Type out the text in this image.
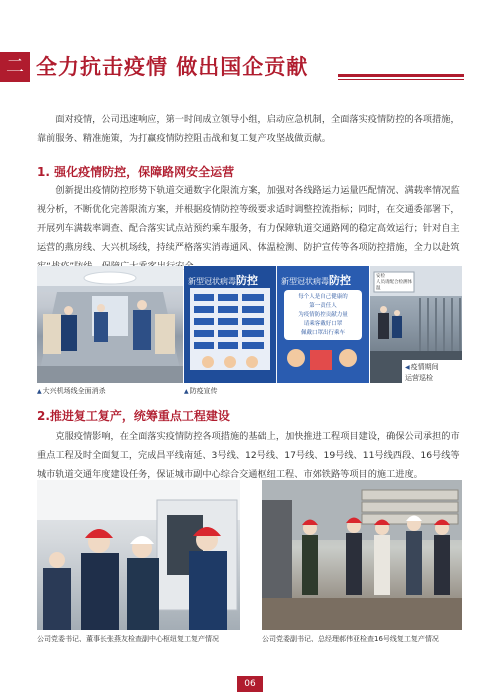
二 全力抗击疫情 做出国企贡献

面对疫情，公司迅速响应，第一时间成立领导小组，启动应急机制，全面落实疫情防控的各项措施，靠前服务、精准施策，为打赢疫情防控阻击战和复工复产攻坚战做贡献。

1. 强化疫情防控，保障路网安全运营

创新提出疫情防控形势下轨道交通数字化限流方案，加强对各线路运力运量匹配情况、满载率情况监视分析，不断优化完善限流方案，并根据疫情防控等级要求适时调整控流指标；同时，在交通委部署下，开展列车满载率调查、配合落实试点站预约乘车服务，有力保障轨道交通路网的稳定高效运行；针对自主运营的燕房线、大兴机场线，持续严格落实消毒通风、体温检测、防护宣传等各项防控措施，全力以赴筑

新型冠状病毒防控	新型冠状病毒防控
每个人是自己健康的
第一责任人
为疫情防控贡献力量
请乘客戴好口罩
佩戴口罩出行乘车
安检
人员请配合检测体温
▲大兴机场线全面消杀	▲防疫宣传
◀疫情期间
运营巡检
2.推进复工复产，统筹重点工程建设

克服疫情影响，在全面落实疫情防控各项措施的基础上，加快推进工程项目建设，确保公司承担的市重点工程及时全面复工，完成昌平线南延、3号线、12号线、17号线、19号线、11号线西段、16号线等城市轨道交通年度建设任务，保证城市副中心综合交通枢纽工程、市郊铁路等项目的施工进度。

公司党委书记、董事长张燕友检查副中心枢纽复工复产情况	公司党委副书记、总经理郝伟亚检查16号线复工复产情况
06
